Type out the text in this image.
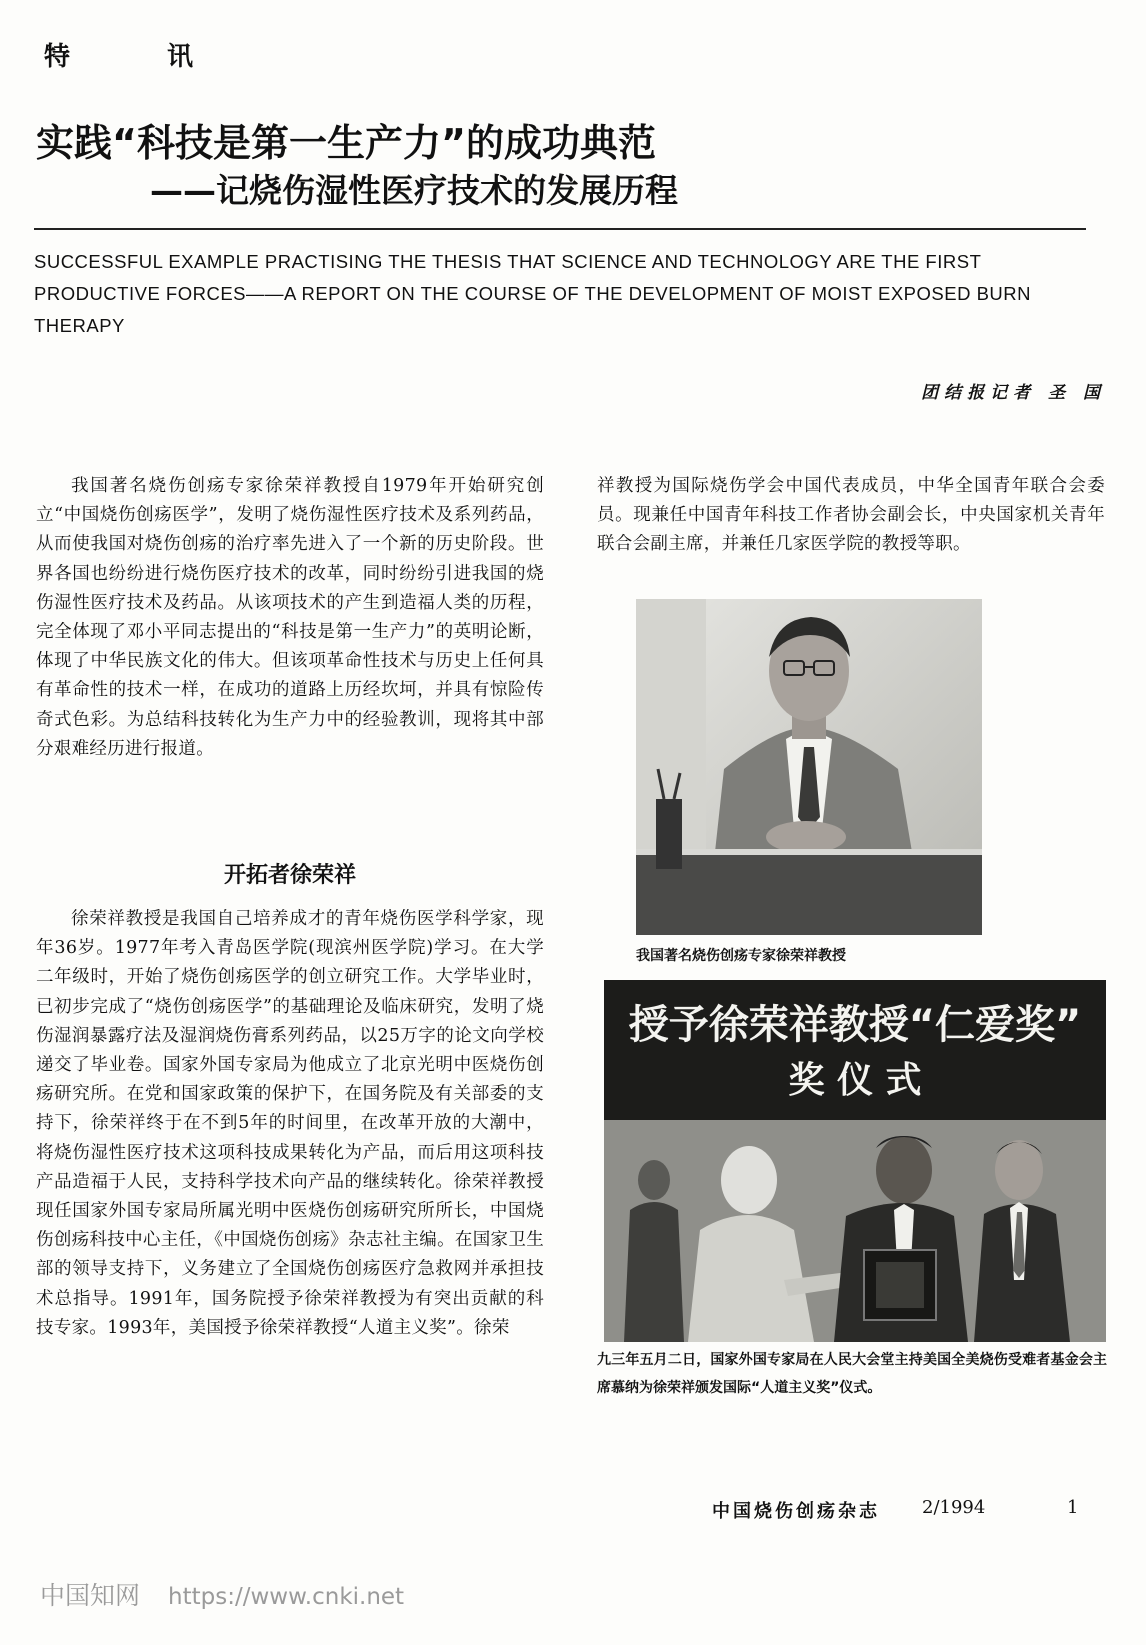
特 讯
实践“科技是第一生产力”的成功典范
——记烧伤湿性医疗技术的发展历程
SUCCESSFUL EXAMPLE PRACTISING THE THESIS THAT SCIENCE AND TECHNOLOGY ARE THE FIRST PRODUCTIVE FORCES——A REPORT ON THE COURSE OF THE DEVELOPMENT OF MOIST EXPOSED BURN THERAPY
团结报记者 圣 国

我国著名烧伤创疡专家徐荣祥教授自1979年开始研究创立“中国烧伤创疡医学”，发明了烧伤湿性医疗技术及系列药品，从而使我国对烧伤创疡的治疗率先进入了一个新的历史阶段。世界各国也纷纷进行烧伤医疗技术的改革，同时纷纷引进我国的烧伤湿性医疗技术及药品。从该项技术的产生到造福人类的历程，完全体现了邓小平同志提出的“科技是第一生产力”的英明论断，体现了中华民族文化的伟大。但该项革命性技术与历史上任何具有革命性的技术一样，在成功的道路上历经坎坷，并具有惊险传奇式色彩。为总结科技转化为生产力中的经验教训，现将其中部分艰难经历进行报道。

开拓者徐荣祥

徐荣祥教授是我国自己培养成才的青年烧伤医学科学家，现年36岁。1977年考入青岛医学院(现滨州医学院)学习。在大学二年级时，开始了烧伤创疡医学的创立研究工作。大学毕业时，已初步完成了“烧伤创疡医学”的基础理论及临床研究，发明了烧伤湿润暴露疗法及湿润烧伤膏系列药品，以25万字的论文向学校递交了毕业卷。国家外国专家局为他成立了北京光明中医烧伤创疡研究所。在党和国家政策的保护下，在国务院及有关部委的支持下，徐荣祥终于在不到5年的时间里，在改革开放的大潮中，将烧伤湿性医疗技术这项科技成果转化为产品，而后用这项科技产品造福于人民，支持科学技术向产品的继续转化。徐荣祥教授现任国家外国专家局所属光明中医烧伤创疡研究所所长，中国烧伤创疡科技中心主任，《中国烧伤创疡》杂志社主编。在国家卫生部的领导支持下，义务建立了全国烧伤创疡医疗急救网并承担技术总指导。1991年，国务院授予徐荣祥教授为有突出贡献的科技专家。1993年，美国授予徐荣祥教授“人道主义奖”。徐荣

祥教授为国际烧伤学会中国代表成员，中华全国青年联合会委员。现兼任中国青年科技工作者协会副会长，中央国家机关青年联合会副主席，并兼任几家医学院的教授等职。

我国著名烧伤创疡专家徐荣祥教授
授予徐荣祥教授“仁爱奖”
奖 仪 式
九三年五月二日，国家外国专家局在人民大会堂主持美国全美烧伤受难者基金会主席慕纳为徐荣祥颁发国际“人道主义奖”仪式。
中国烧伤创疡杂志 2/1994	1
中国知网 https://www.cnki.net
